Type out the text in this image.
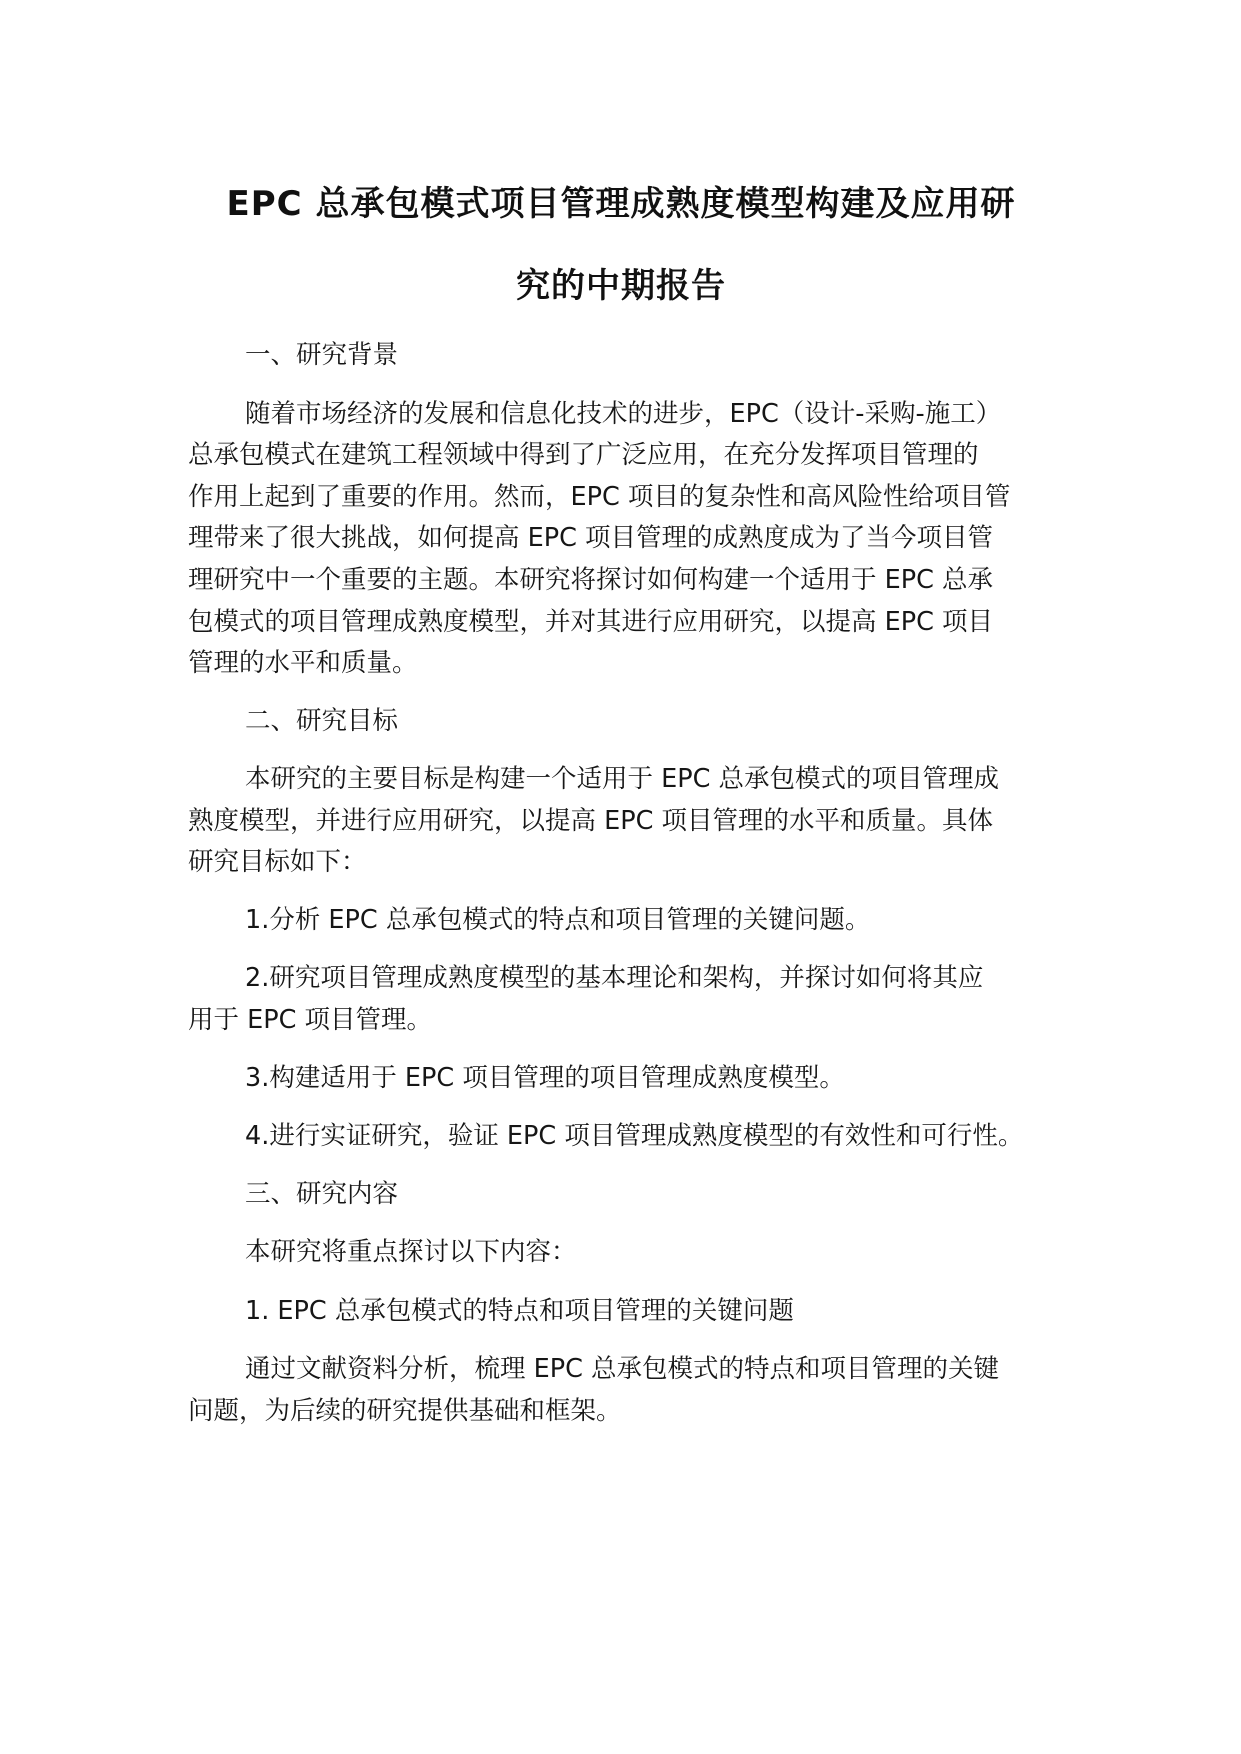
EPC 总承包模式项目管理成熟度模型构建及应用研
究的中期报告
一、研究背景
随着市场经济的发展和信息化技术的进步，EPC（设计-采购-施工）
总承包模式在建筑工程领域中得到了广泛应用，在充分发挥项目管理的
作用上起到了重要的作用。然而，EPC 项目的复杂性和高风险性给项目管
理带来了很大挑战，如何提高 EPC 项目管理的成熟度成为了当今项目管
理研究中一个重要的主题。本研究将探讨如何构建一个适用于 EPC 总承
包模式的项目管理成熟度模型，并对其进行应用研究，以提高 EPC 项目
管理的水平和质量。
二、研究目标
本研究的主要目标是构建一个适用于 EPC 总承包模式的项目管理成
熟度模型，并进行应用研究，以提高 EPC 项目管理的水平和质量。具体
研究目标如下：
1.分析 EPC 总承包模式的特点和项目管理的关键问题。
2.研究项目管理成熟度模型的基本理论和架构，并探讨如何将其应
用于 EPC 项目管理。
3.构建适用于 EPC 项目管理的项目管理成熟度模型。
4.进行实证研究，验证 EPC 项目管理成熟度模型的有效性和可行性。
三、研究内容
本研究将重点探讨以下内容：
1. EPC 总承包模式的特点和项目管理的关键问题
通过文献资料分析，梳理 EPC 总承包模式的特点和项目管理的关键
问题，为后续的研究提供基础和框架。
